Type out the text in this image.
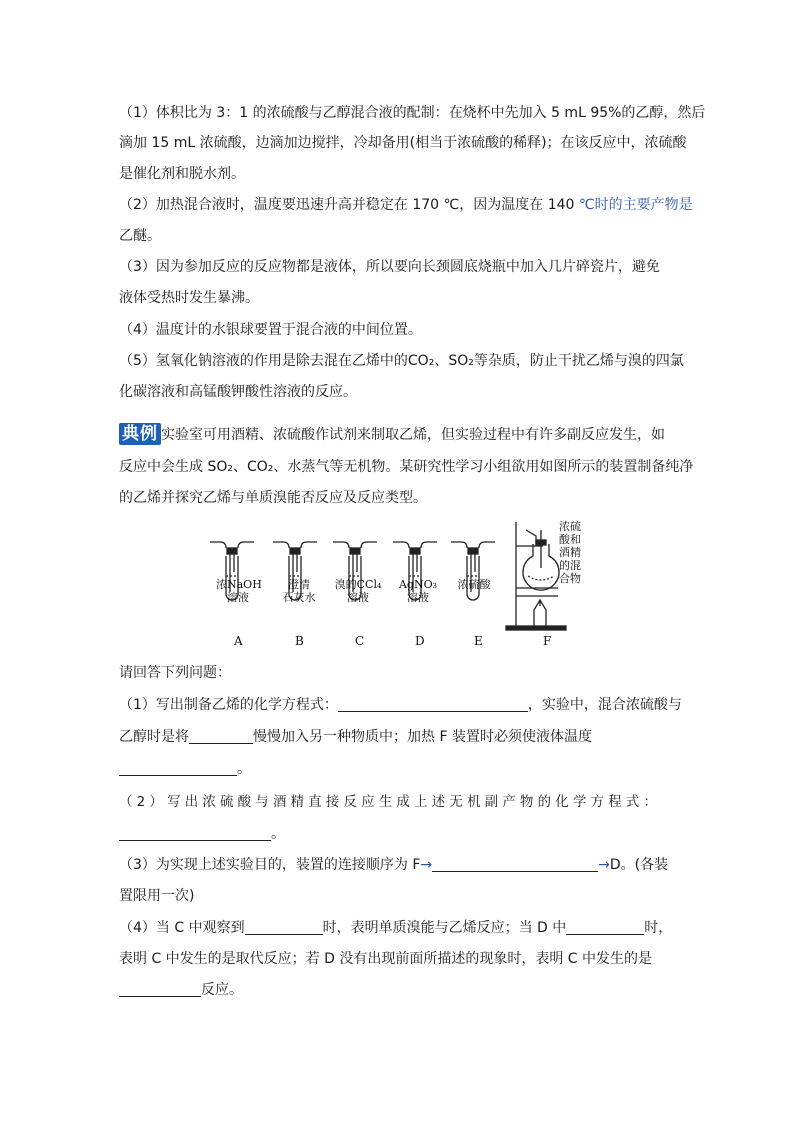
（1）体积比为 3：1 的浓硫酸与乙醇混合液的配制：在烧杯中先加入 5 mL 95%的乙醇，然后

滴加 15 mL 浓硫酸，边滴加边搅拌，冷却备用(相当于浓硫酸的稀释)；在该反应中，浓硫酸

是催化剂和脱水剂。

（2）加热混合液时，温度要迅速升高并稳定在 170 ℃，因为温度在 140 ℃时的主要产物是

乙醚。

（3）因为参加反应的反应物都是液体，所以要向长颈圆底烧瓶中加入几片碎瓷片，避免

液体受热时发生暴沸。

（4）温度计的水银球要置于混合液的中间位置。

（5）氢氧化钠溶液的作用是除去混在乙烯中的CO₂、SO₂等杂质，防止干扰乙烯与溴的四氯

化碳溶液和高锰酸钾酸性溶液的反应。

典例 实验室可用酒精、浓硫酸作试剂来制取乙烯，但实验过程中有许多副反应发生，如

反应中会生成 SO₂、CO₂、水蒸气等无机物。某研究性学习小组欲用如图所示的装置制备纯净

的乙烯并探究乙烯与单质溴能否反应及反应类型。

请回答下列问题：

（1）写出制备乙烯的化学方程式：	，实验中，混合浓硫酸与

乙醇时是将	慢慢加入另一种物质中；加热 F 装置时必须使液体温度

。

（ 2 ） 写 出 浓 硫 酸 与 酒 精 直 接 反 应 生 成 上 述 无 机 副 产 物 的 化 学 方 程 式 ：

。

（3）为实现上述实验目的，装置的连接顺序为 F→	→D。(各装

置限用一次)

（4）当 C 中观察到	时，表明单质溴能与乙烯反应；当 D 中	时，

表明 C 中发生的是取代反应；若 D 没有出现前面所描述的现象时，表明 C 中发生的是

反应。

浓NaOH
溶液
A
澄清
石灰水
B
溴的CCl₄
溶液
C
AgNO₃
溶液
D
浓硫酸
E
浓硫
酸和
酒精
的混
合物
F
